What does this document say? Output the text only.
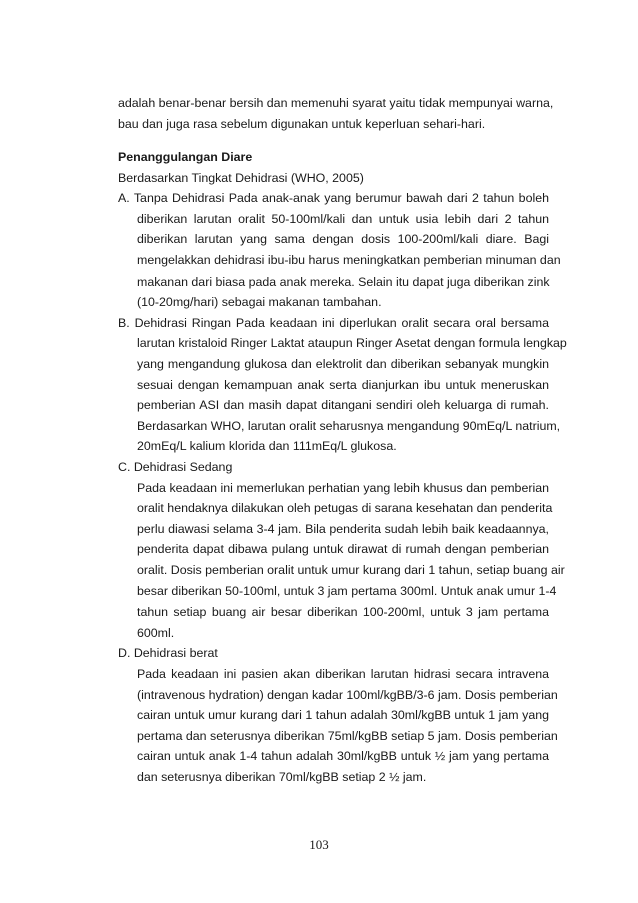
adalah benar-benar bersih dan memenuhi syarat yaitu tidak mempunyai warna,
bau dan juga rasa sebelum digunakan untuk keperluan sehari-hari.
Penanggulangan Diare
Berdasarkan Tingkat Dehidrasi (WHO, 2005)
A. Tanpa Dehidrasi Pada anak-anak yang berumur bawah dari 2 tahun boleh
diberikan larutan oralit 50-100ml/kali dan untuk usia lebih dari 2 tahun
diberikan larutan yang sama dengan dosis 100-200ml/kali diare. Bagi
mengelakkan dehidrasi ibu-ibu harus meningkatkan pemberian minuman dan
makanan dari biasa pada anak mereka. Selain itu dapat juga diberikan zink
(10-20mg/hari) sebagai makanan tambahan.
B. Dehidrasi Ringan Pada keadaan ini diperlukan oralit secara oral bersama
larutan kristaloid Ringer Laktat ataupun Ringer Asetat dengan formula lengkap
yang mengandung glukosa dan elektrolit dan diberikan sebanyak mungkin
sesuai dengan kemampuan anak serta dianjurkan ibu untuk meneruskan
pemberian ASI dan masih dapat ditangani sendiri oleh keluarga di rumah.
Berdasarkan WHO, larutan oralit seharusnya mengandung 90mEq/L natrium,
20mEq/L kalium klorida dan 111mEq/L glukosa.
C. Dehidrasi Sedang
Pada keadaan ini memerlukan perhatian yang lebih khusus dan pemberian
oralit hendaknya dilakukan oleh petugas di sarana kesehatan dan penderita
perlu diawasi selama 3-4 jam. Bila penderita sudah lebih baik keadaannya,
penderita dapat dibawa pulang untuk dirawat di rumah dengan pemberian
oralit. Dosis pemberian oralit untuk umur kurang dari 1 tahun, setiap buang air
besar diberikan 50-100ml, untuk 3 jam pertama 300ml. Untuk anak umur 1-4
tahun setiap buang air besar diberikan 100-200ml, untuk 3 jam pertama
600ml.
D. Dehidrasi berat
Pada keadaan ini pasien akan diberikan larutan hidrasi secara intravena
(intravenous hydration) dengan kadar 100ml/kgBB/3-6 jam. Dosis pemberian
cairan untuk umur kurang dari 1 tahun adalah 30ml/kgBB untuk 1 jam yang
pertama dan seterusnya diberikan 75ml/kgBB setiap 5 jam. Dosis pemberian
cairan untuk anak 1-4 tahun adalah 30ml/kgBB untuk ½ jam yang pertama
dan seterusnya diberikan 70ml/kgBB setiap 2 ½ jam.
103
